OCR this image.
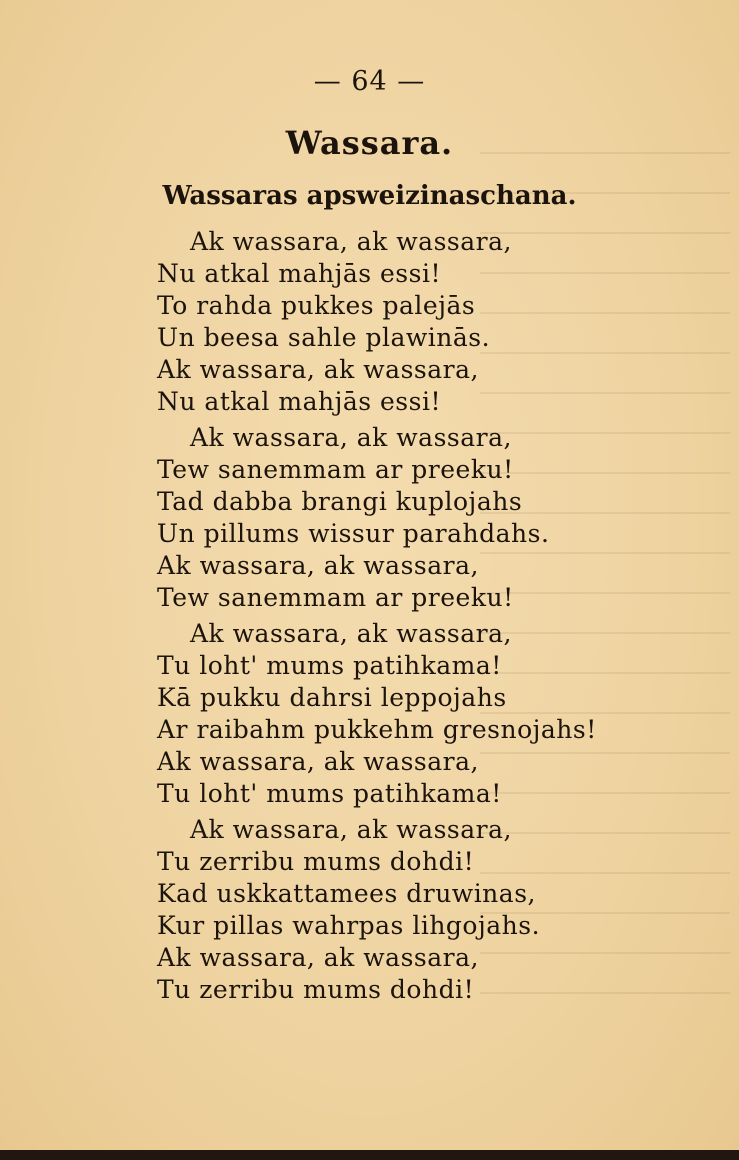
— 64 —
Wassara.
Wassaras apsweizinaschana.
Ak wassara, ak wassara,
Nu atkal mahjās essi!
To rahda pukkes palejās
Un beesa sahle plawinās.
Ak wassara, ak wassara,
Nu atkal mahjās essi!
Ak wassara, ak wassara,
Tew sanemmam ar preeku!
Tad dabba brangi kuplojahs
Un pillums wissur parahdahs.
Ak wassara, ak wassara,
Tew sanemmam ar preeku!
Ak wassara, ak wassara,
Tu loht' mums patihkama!
Kā pukku dahrsi leppojahs
Ar raibahm pukkehm gresnojahs!
Ak wassara, ak wassara,
Tu loht' mums patihkama!
Ak wassara, ak wassara,
Tu zerribu mums dohdi!
Kad uskkattamees druwinas,
Kur pillas wahrpas lihgojahs.
Ak wassara, ak wassara,
Tu zerribu mums dohdi!
